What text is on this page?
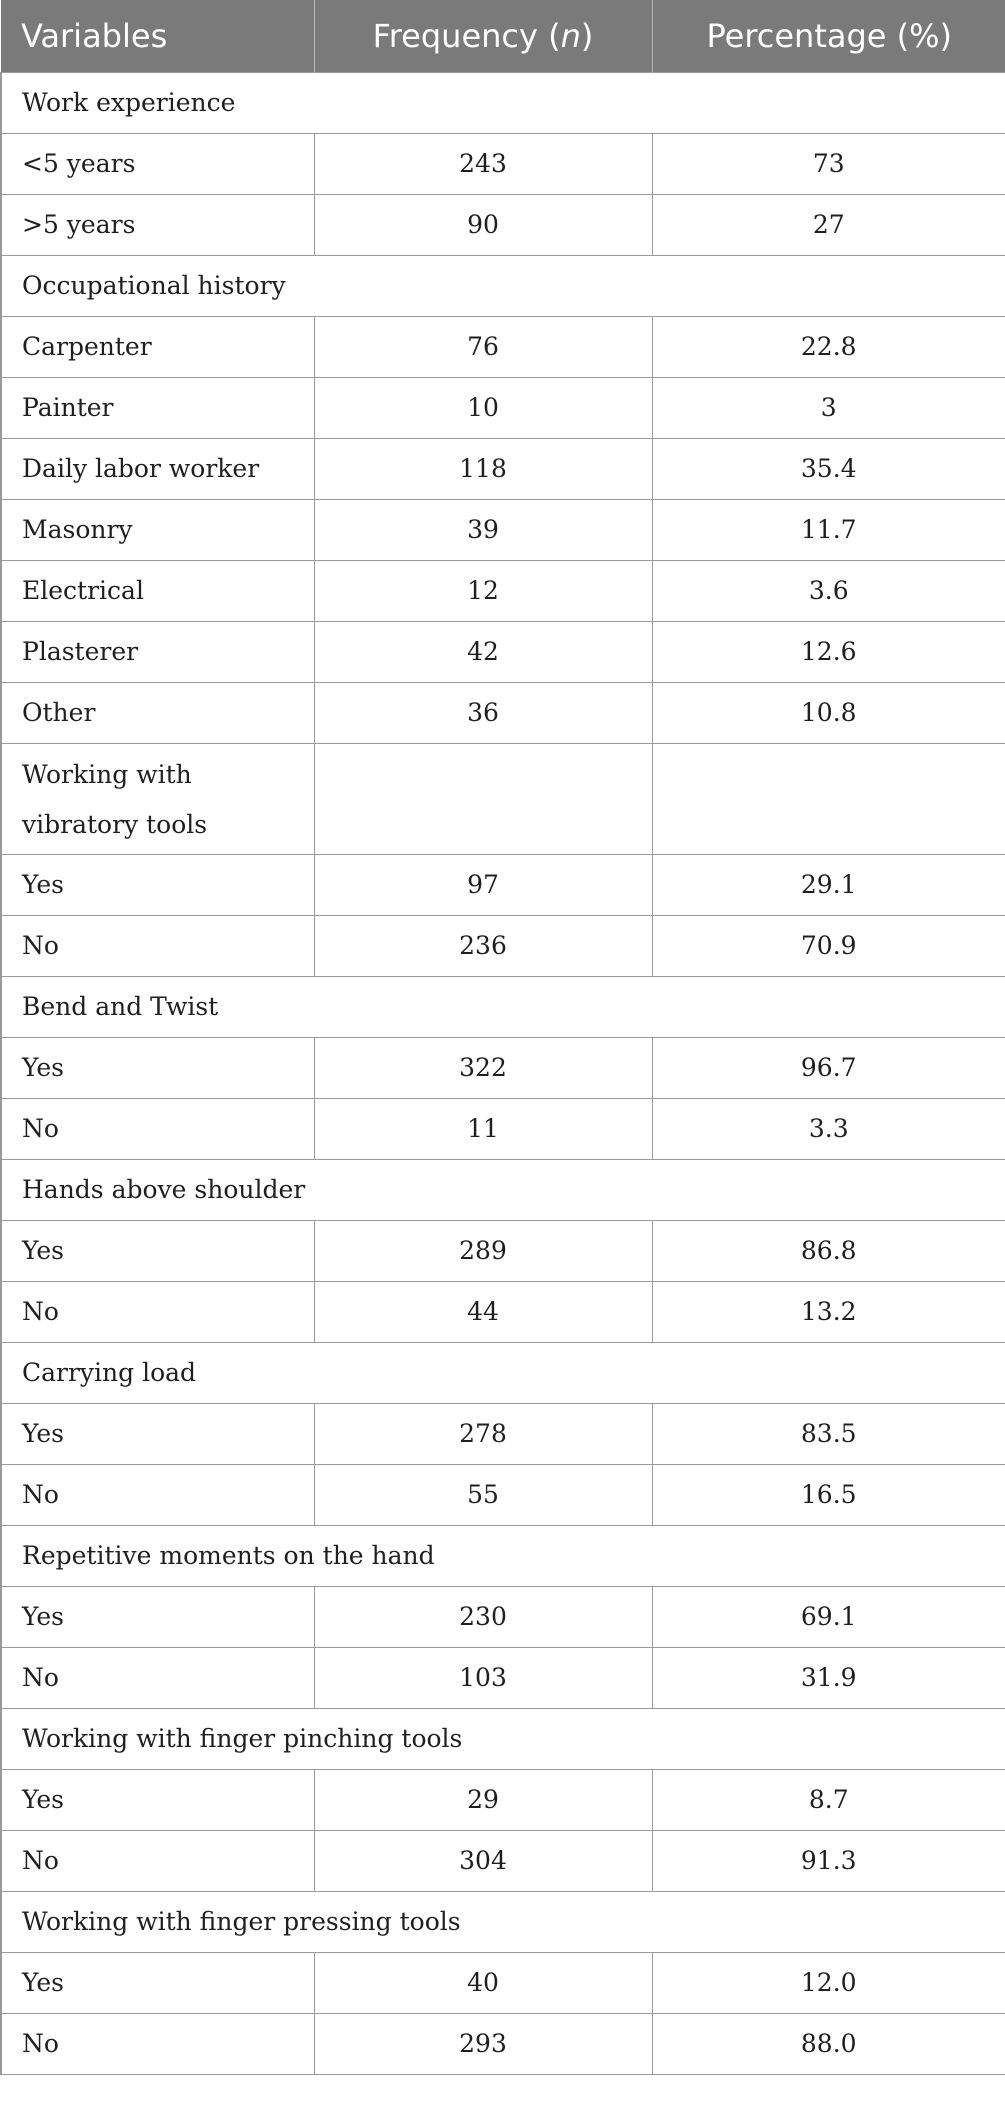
Variables	Frequency (n)	Percentage (%)
Work experience		
<5 years	243	73
>5 years	90	27
Occupational history		
Carpenter	76	22.8
Painter	10	3
Daily labor worker	118	35.4
Masonry	39	11.7
Electrical	12	3.6
Plasterer	42	12.6
Other	36	10.8
Working with vibratory tools		
Yes	97	29.1
No	236	70.9
Bend and Twist		
Yes	322	96.7
No	11	3.3
Hands above shoulder		
Yes	289	86.8
No	44	13.2
Carrying load		
Yes	278	83.5
No	55	16.5
Repetitive moments on the hand		
Yes	230	69.1
No	103	31.9
Working with finger pinching tools		
Yes	29	8.7
No	304	91.3
Working with finger pressing tools		
Yes	40	12.0
No	293	88.0
